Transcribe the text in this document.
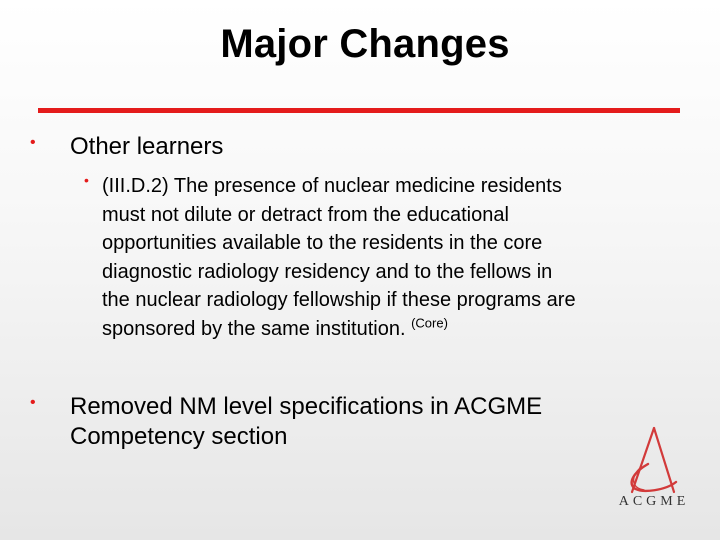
Major Changes
• Other learners
• (III.D.2) The presence of nuclear medicine residents
must not dilute or detract from the educational
opportunities available to the residents in the core
diagnostic radiology residency and to the fellows in
the nuclear radiology fellowship if these programs are
sponsored by the same institution. $^{(Core)}$
• Removed NM level specifications in ACGME
Competency section
ACGME
